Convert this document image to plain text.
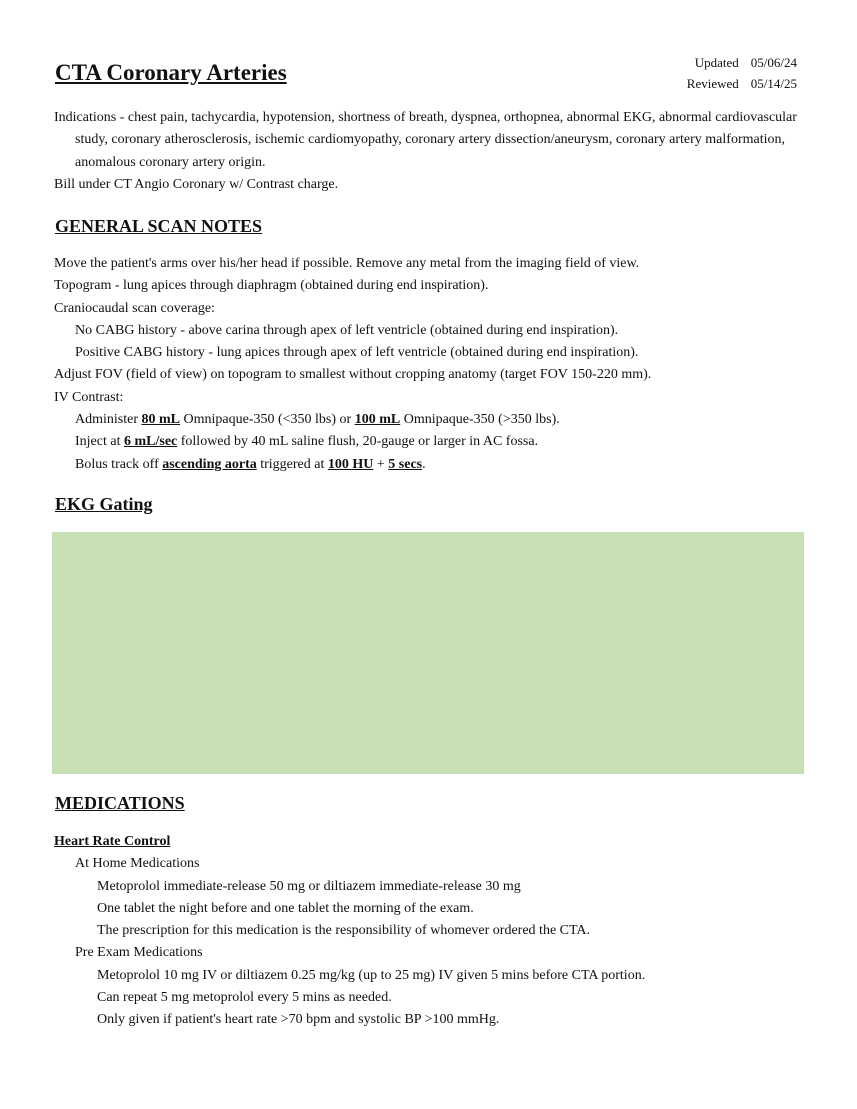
CTA Coronary Arteries	Updated 05/06/24
Reviewed 05/14/25
Indications - chest pain, tachycardia, hypotension, shortness of breath, dyspnea, orthopnea, abnormal EKG, abnormal cardiovascular study, coronary atherosclerosis, ischemic cardiomyopathy, coronary artery dissection/aneurysm, coronary artery malformation, anomalous coronary artery origin.
Bill under CT Angio Coronary w/ Contrast charge.
GENERAL SCAN NOTES
Move the patient's arms over his/her head if possible. Remove any metal from the imaging field of view.
Topogram - lung apices through diaphragm (obtained during end inspiration).
Craniocaudal scan coverage:
No CABG history - above carina through apex of left ventricle (obtained during end inspiration).
Positive CABG history - lung apices through apex of left ventricle (obtained during end inspiration).
Adjust FOV (field of view) on topogram to smallest without cropping anatomy (target FOV 150-220 mm).
IV Contrast:
Administer 80 mL Omnipaque-350 (<350 lbs) or 100 mL Omnipaque-350 (>350 lbs).
Inject at 6 mL/sec followed by 40 mL saline flush, 20-gauge or larger in AC fossa.
Bolus track off ascending aorta triggered at 100 HU + 5 secs.
EKG Gating
MEDICATIONS
Heart Rate Control
At Home Medications
Metoprolol immediate-release 50 mg or diltiazem immediate-release 30 mg
One tablet the night before and one tablet the morning of the exam.
The prescription for this medication is the responsibility of whomever ordered the CTA.
Pre Exam Medications
Metoprolol 10 mg IV or diltiazem 0.25 mg/kg (up to 25 mg) IV given 5 mins before CTA portion.
Can repeat 5 mg metoprolol every 5 mins as needed.
Only given if patient's heart rate >70 bpm and systolic BP >100 mmHg.
